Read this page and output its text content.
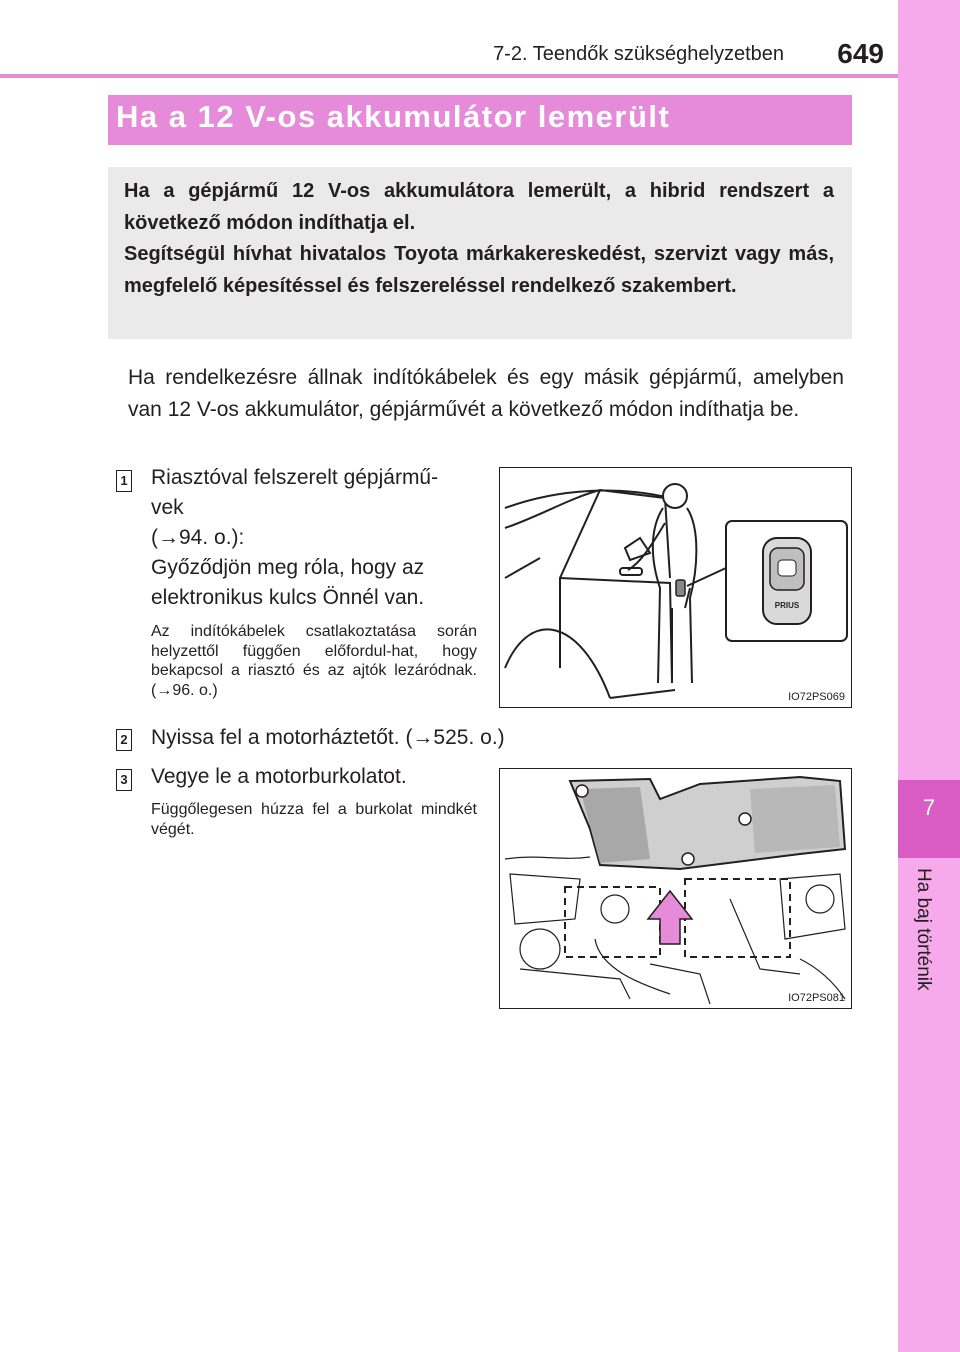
7-2. Teendők szükséghelyzetben 649
7
Ha baj történik
Ha a 12 V-os akkumulátor lemerült

Ha a gépjármű 12 V-os akkumulátora lemerült, a hibrid rendszert a következő módon indíthatja el.

Segítségül hívhat hivatalos Toyota márkakereskedést, szervizt vagy más, megfelelő képesítéssel és felszereléssel rendelkező szakembert.

Ha rendelkezésre állnak indítókábelek és egy másik gépjármű, amelyben van 12 V-os akkumulátor, gépjárművét a következő módon indíthatja be.

1 Riasztóval felszerelt gépjármű-
vek
(→94. o.):
Győződjön meg róla, hogy az
elektronikus kulcs Önnél van.

Az indítókábelek csatlakoztatása során helyzettől függően előfordul-hat, hogy bekapcsol a riasztó és az ajtók lezáródnak. (→96. o.)

PRIUS
IO72PS069
2 Nyissa fel a motorháztetőt. (→525. o.)

3 Vegye le a motorburkolatot.

Függőlegesen húzza fel a burkolat mindkét végét.

IO72PS081
